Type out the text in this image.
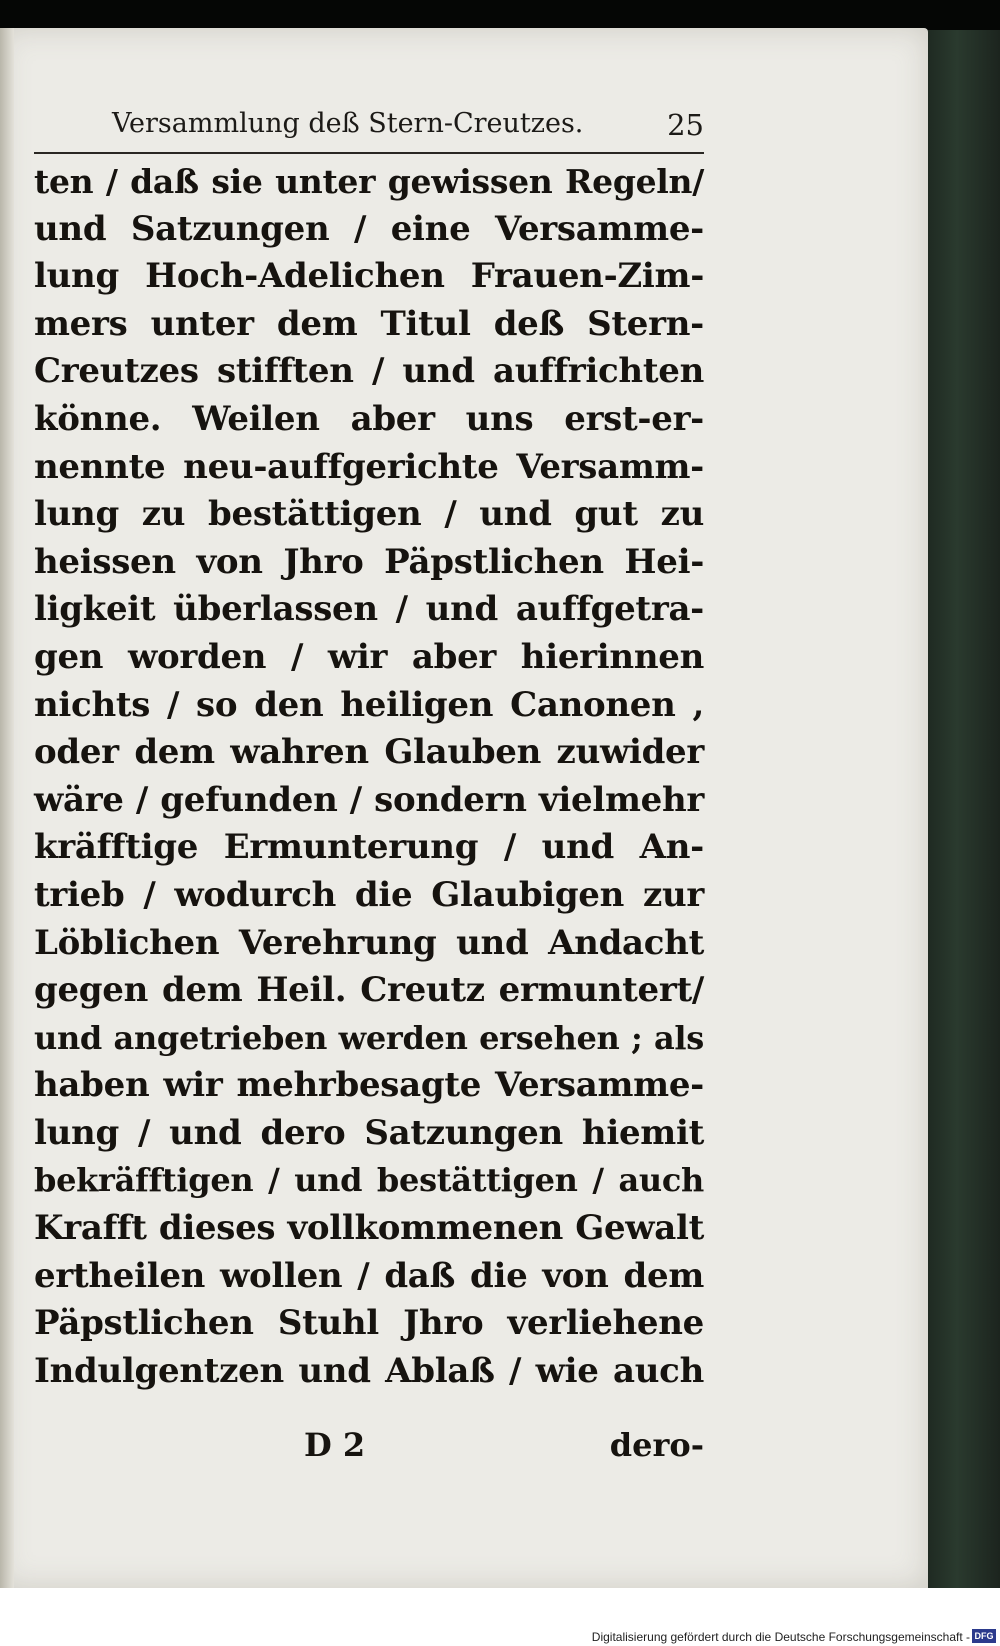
Versammlung deß Stern-Creutzes.	25
ten / daß sie unter gewissen Regeln/
und Satzungen / eine Versamme-
lung Hoch-Adelichen Frauen-Zim-
mers unter dem Titul deß Stern-
Creutzes stifften / und auffrichten
könne. Weilen aber uns erst-er-
nennte neu-auffgerichte Versamm-
lung zu bestättigen / und gut zu
heissen von Jhro Päpstlichen Hei-
ligkeit überlassen / und auffgetra-
gen worden / wir aber hierinnen
nichts / so den heiligen Canonen ,
oder dem wahren Glauben zuwider
wäre / gefunden / sondern vielmehr
kräfftige Ermunterung / und An-
trieb / wodurch die Glaubigen zur
Löblichen Verehrung und Andacht
gegen dem Heil. Creutz ermuntert/
und angetrieben werden ersehen ; als
haben wir mehrbesagte Versamme-
lung / und dero Satzungen hiemit
bekräfftigen / und bestättigen / auch
Krafft dieses vollkommenen Gewalt
ertheilen wollen / daß die von dem
Päpstlichen Stuhl Jhro verliehene
Indulgentzen und Ablaß / wie auch
D 2	dero-
Digitalisierung gefördert durch die Deutsche Forschungsgemeinschaft - DFG
